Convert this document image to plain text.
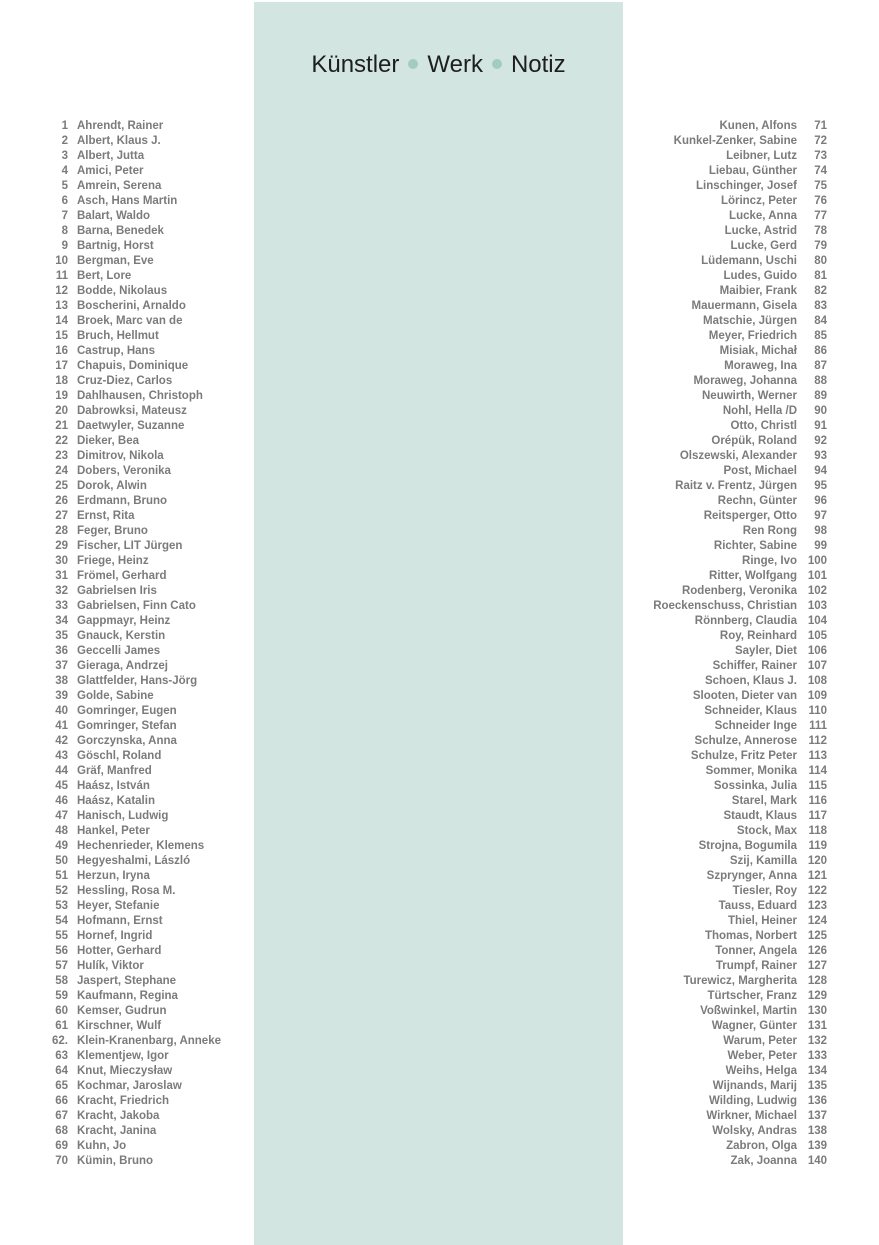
Künstler Werk Notiz
1 Ahrendt, Rainer
2 Albert, Klaus J.
3 Albert, Jutta
4 Amici, Peter
5 Amrein, Serena
6 Asch, Hans Martin
7 Balart, Waldo
8 Barna, Benedek
9 Bartnig, Horst
10 Bergman, Eve
11 Bert, Lore
12 Bodde, Nikolaus
13 Boscherini, Arnaldo
14 Broek, Marc van de
15 Bruch, Hellmut
16 Castrup, Hans
17 Chapuis, Dominique
18 Cruz-Diez, Carlos
19 Dahlhausen, Christoph
20 Dabrowksi, Mateusz
21 Daetwyler, Suzanne
22 Dieker, Bea
23 Dimitrov, Nikola
24 Dobers, Veronika
25 Dorok, Alwin
26 Erdmann, Bruno
27 Ernst, Rita
28 Feger, Bruno
29 Fischer, LIT Jürgen
30 Friege, Heinz
31 Frömel, Gerhard
32 Gabrielsen Iris
33 Gabrielsen, Finn Cato
34 Gappmayr, Heinz
35 Gnauck, Kerstin
36 Geccelli James
37 Gieraga, Andrzej
38 Glattfelder, Hans-Jörg
39 Golde, Sabine
40 Gomringer, Eugen
41 Gomringer, Stefan
42 Gorczynska, Anna
43 Göschl, Roland
44 Gräf, Manfred
45 Haász, István
46 Haász, Katalin
47 Hanisch, Ludwig
48 Hankel, Peter
49 Hechenrieder, Klemens
50 Hegyeshalmi, László
51 Herzun, Iryna
52 Hessling, Rosa M.
53 Heyer, Stefanie
54 Hofmann, Ernst
55 Hornef, Ingrid
56 Hotter, Gerhard
57 Hulík, Viktor
58 Jaspert, Stephane
59 Kaufmann, Regina
60 Kemser, Gudrun
61 Kirschner, Wulf
62. Klein-Kranenbarg, Anneke
63 Klementjew, Igor
64 Knut, Mieczysław
65 Kochmar, Jaroslaw
66 Kracht, Friedrich
67 Kracht, Jakoba
68 Kracht, Janina
69 Kuhn, Jo
70 Kümin, Bruno
71
Kunen, Alfons
72
Kunkel-Zenker, Sabine
73
Leibner, Lutz
74
Liebau, Günther
75
Linschinger, Josef
76
Lörincz, Peter
77
Lucke, Anna
78
Lucke, Astrid
79
Lucke, Gerd
80
Lüdemann, Uschi
81
Ludes, Guido
82
Maibier, Frank
83
Mauermann, Gisela
84
Matschie, Jürgen
85
Meyer, Friedrich
86
Misiak, Michał
87
Moraweg, Ina
88
Moraweg, Johanna
89
Neuwirth, Werner
90
Nohl, Hella /D
91
Otto, Christl
92
Orépük, Roland
93
Olszewski, Alexander
94
Post, Michael
95
Raitz v. Frentz, Jürgen
96
Rechn, Günter
97
Reitsperger, Otto
98
Ren Rong
99
Richter, Sabine
100
Ringe, Ivo
101
Ritter, Wolfgang
102
Rodenberg, Veronika
103
Roeckenschuss, Christian
104
Rönnberg, Claudia
105
Roy, Reinhard
106
Sayler, Diet
107
Schiffer, Rainer
108
Schoen, Klaus J.
109
Slooten, Dieter van
110
Schneider, Klaus
111
Schneider Inge
112
Schulze, Annerose
113
Schulze, Fritz Peter
114
Sommer, Monika
115
Sossinka, Julia
116
Starel, Mark
117
Staudt, Klaus
118
Stock, Max
119
Strojna, Bogumila
120
Szij, Kamilla
121
Szprynger, Anna
122
Tiesler, Roy
123
Tauss, Eduard
124
Thiel, Heiner
125
Thomas, Norbert
126
Tonner, Angela
127
Trumpf, Rainer
128
Turewicz, Margherita
129
Türtscher, Franz
130
Voßwinkel, Martin
131
Wagner, Günter
132
Warum, Peter
133
Weber, Peter
134
Weihs, Helga
135
Wijnands, Marij
136
Wilding, Ludwig
137
Wirkner, Michael
138
Wolsky, Andras
139
Zabron, Olga
140
Zak, Joanna
